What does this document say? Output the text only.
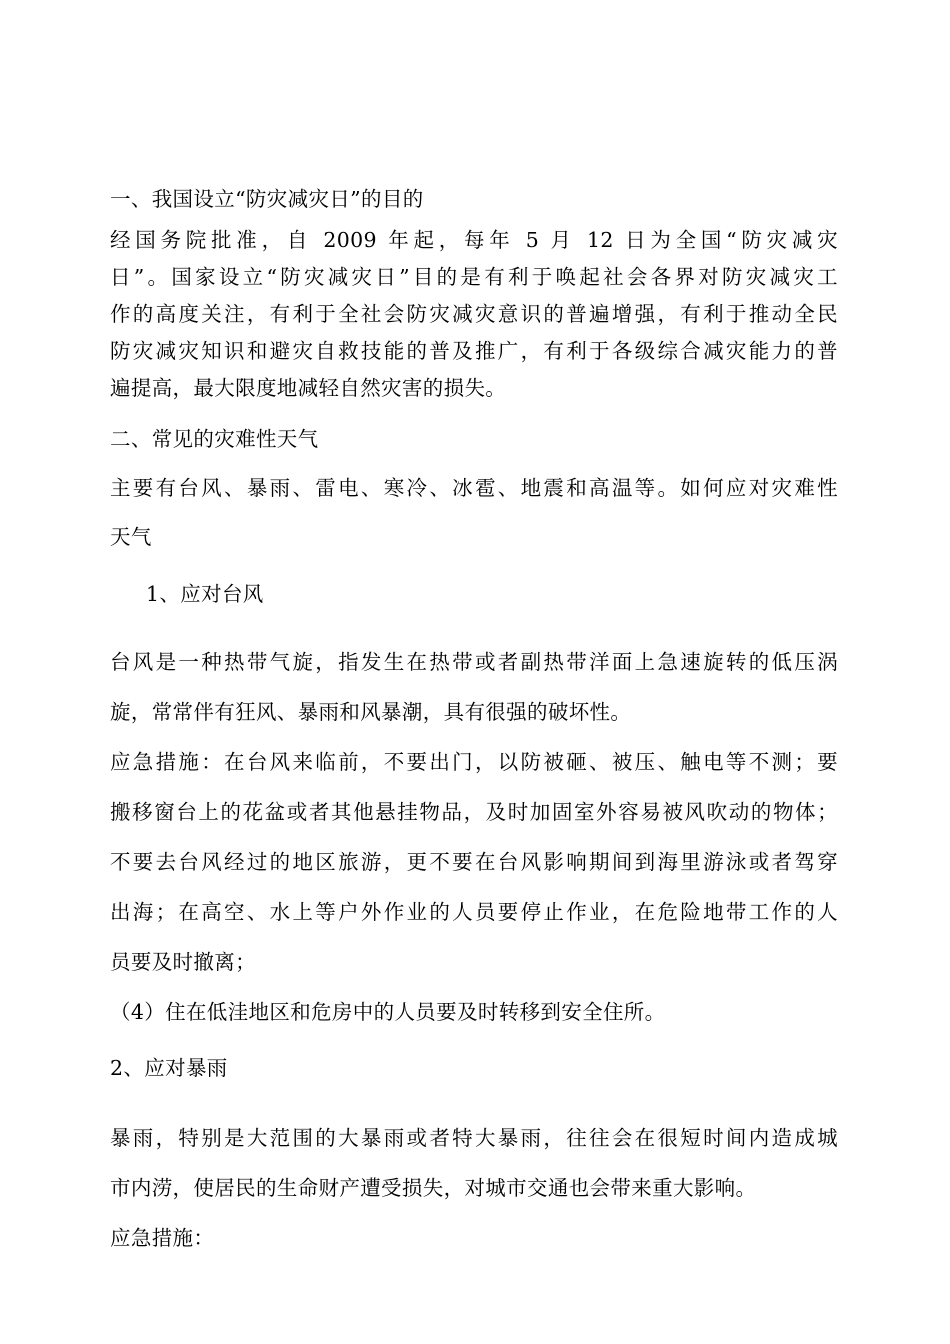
一、我国设立“防灾减灾日”的目的
经国务院批准，自 2009 年起，每年 5 月 12 日为全国“防灾减灾
日”。国家设立“防灾减灾日”目的是有利于唤起社会各界对防灾减灾工
作的高度关注，有利于全社会防灾减灾意识的普遍增强，有利于推动全民
防灾减灾知识和避灾自救技能的普及推广，有利于各级综合减灾能力的普
遍提高，最大限度地减轻自然灾害的损失。
二、常见的灾难性天气
主要有台风、暴雨、雷电、寒冷、冰雹、地震和高温等。如何应对灾难性
天气
1、应对台风
台风是一种热带气旋，指发生在热带或者副热带洋面上急速旋转的低压涡
旋，常常伴有狂风、暴雨和风暴潮，具有很强的破坏性。
应急措施：在台风来临前，不要出门，以防被砸、被压、触电等不测；要
搬移窗台上的花盆或者其他悬挂物品，及时加固室外容易被风吹动的物体；
不要去台风经过的地区旅游，更不要在台风影响期间到海里游泳或者驾穿
出海；在高空、水上等户外作业的人员要停止作业，在危险地带工作的人
员要及时撤离；
（4）住在低洼地区和危房中的人员要及时转移到安全住所。
2、应对暴雨
暴雨，特别是大范围的大暴雨或者特大暴雨，往往会在很短时间内造成城
市内涝，使居民的生命财产遭受损失，对城市交通也会带来重大影响。
应急措施：
